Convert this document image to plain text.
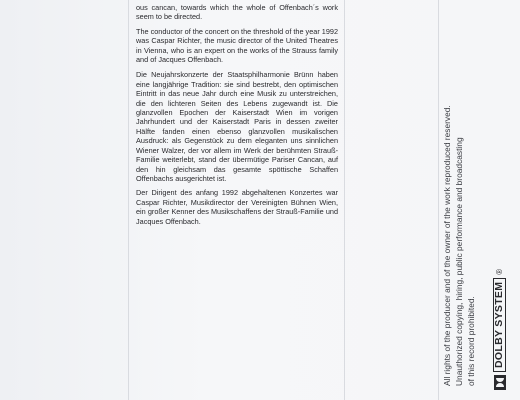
ous cancan, towards which the whole of Offenbach´s work seem to be directed.

The conductor of the concert on the threshold of the year 1992 was Caspar Richter, the music director of the United Theatres in Vienna, who is an expert on the works of the Strauss family and of Jacques Offenbach.

Die Neujahrskonzerte der Staatsphilharmonie Brünn haben eine langjährige Tradition: sie sind bestrebt, den optimischen Eintritt in das neue Jahr durch eine Musik zu unterstreichen, die den lichteren Seiten des Lebens zugewandt ist. Die glanzvollen Epochen der Kaiserstadt Wien im vorigen Jahrhundert und der Kaiserstadt Paris in dessen zweiter Hälfte fanden einen ebenso glanzvollen musikalischen Ausdruck: als Gegenstück zu dem eleganten uns sinnlichen Wiener Walzer, der vor allem im Werk der berühmten Strauß-Familie weiterlebt, stand der übermütige Pariser Cancan, auf den hin gleichsam das gesamte spöttische Schaffen Offenbachs ausgerichtet ist.

Der Dirigent des anfang 1992 abgehaltenen Konzertes war Caspar Richter, Musikdirector der Vereinigten Bühnen Wien, ein großer Kenner des Musikschaffens der Strauß-Familie und Jacques Offenbach.	All rights of the producer and of the owner of the work reproduced reserved. Unauthorized copying, hiring, public performance and broadcasting of this record prohibited. DOLBY SYSTEM
®
